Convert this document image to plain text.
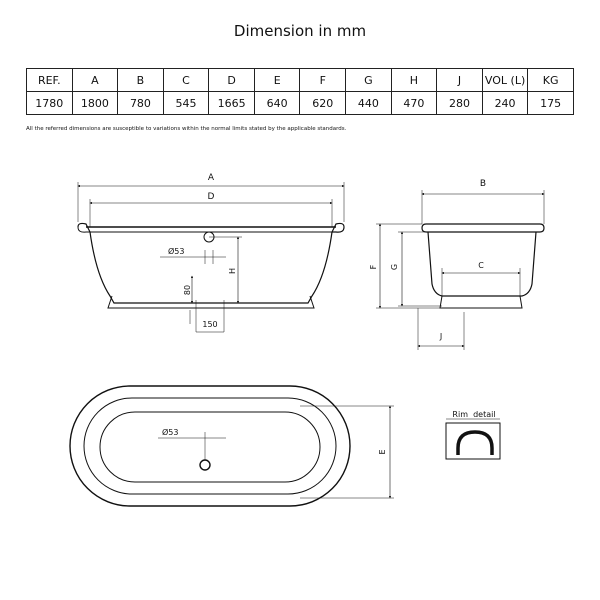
Dimension in mm
REF.	A	B	C	D	E	F	G	H	J	VOL (L)	KG
1780	1800	780	545	1665	640	620	440	470	280	240	175
All the referred dimensions are susceptible to variations within the normal limits stated by the applicable standards.
A
D
H
Ø53
80
150
B
F G	C
J
Ø53
E
Rim  detail
